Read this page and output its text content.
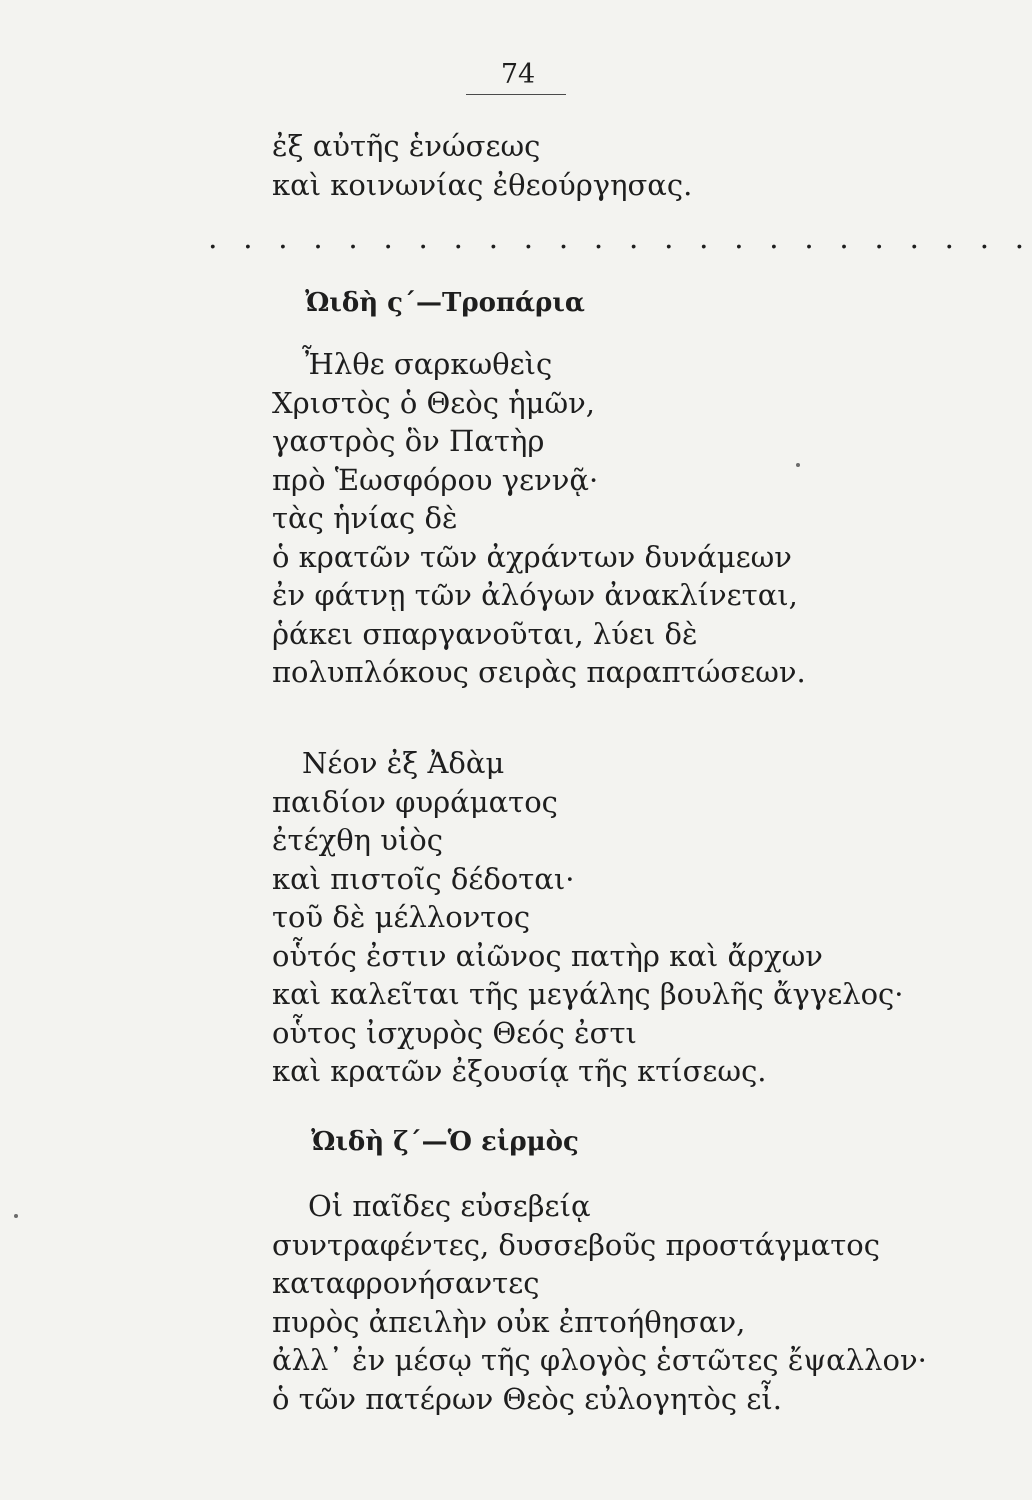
74
ἐξ αὐτῆς ἑνώσεως
καὶ κοινωνίας ἐθεούργησας.
. . . . . . . . . . . . . . . . . . . . . . . .
Ὠιδὴ ς΄—Τροπάρια
Ἦλθε σαρκωθεὶς
Χριστὸς ὁ Θεὸς ἡμῶν,
γαστρὸς ὃν Πατὴρ
πρὸ Ἑωσφόρου γεννᾷ·
τὰς ἡνίας δὲ
ὁ κρατῶν τῶν ἀχράντων δυνάμεων
ἐν φάτνῃ τῶν ἀλόγων ἀνακλίνεται,
ῥάκει σπαργανοῦται, λύει δὲ
πολυπλόκους σειρὰς παραπτώσεων.
Νέον ἐξ Ἀδὰμ
παιδίον φυράματος
ἐτέχθη υἱὸς
καὶ πιστοῖς δέδοται·
τοῦ δὲ μέλλοντος
οὗτός ἐστιν αἰῶνος πατὴρ καὶ ἄρχων
καὶ καλεῖται τῆς μεγάλης βουλῆς ἄγγελος·
οὗτος ἰσχυρὸς Θεός ἐστι
καὶ κρατῶν ἐξουσίᾳ τῆς κτίσεως.
Ὠιδὴ ζ΄—Ὁ εἱρμὸς
Οἱ παῖδες εὐσεβείᾳ
συντραφέντες, δυσσεβοῦς προστάγματος
καταφρονήσαντες
πυρὸς ἀπειλὴν οὐκ ἐπτοήθησαν,
ἀλλ᾽ ἐν μέσῳ τῆς φλογὸς ἑστῶτες ἔψαλλον·
ὁ τῶν πατέρων Θεὸς εὐλογητὸς εἶ.
